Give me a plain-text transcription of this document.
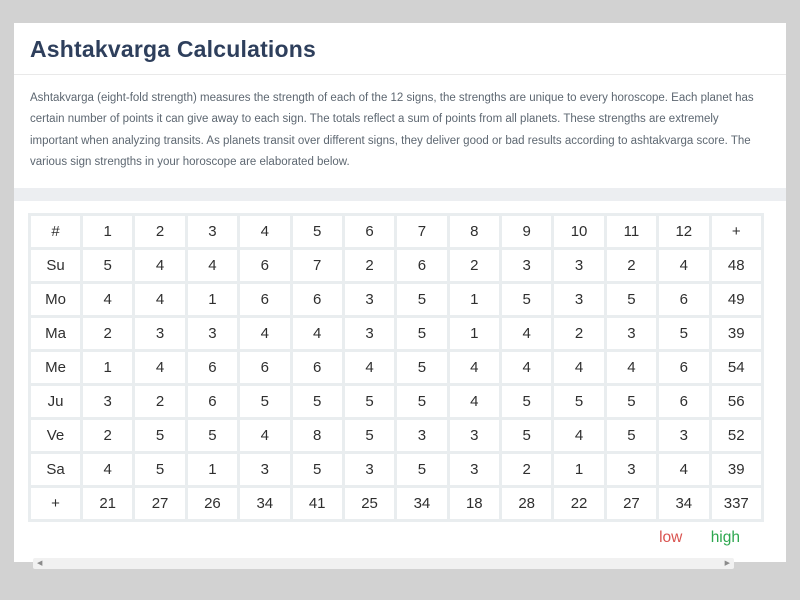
Ashtakvarga Calculations
Ashtakvarga (eight-fold strength) measures the strength of each of the 12 signs, the strengths are unique to every horoscope. Each planet has certain number of points it can give away to each sign. The totals reflect a sum of points from all planets. These strengths are extremely important when analyzing transits. As planets transit over different signs, they deliver good or bad results according to ashtakvarga score. The various sign strengths in your horoscope are elaborated below.
#	1	2	3	4	5	6	7	8	9	10	11	12	+
Su	5	4	4	6	7	2	6	2	3	3	2	4	48
Mo	4	4	1	6	6	3	5	1	5	3	5	6	49
Ma	2	3	3	4	4	3	5	1	4	2	3	5	39
Me	1	4	6	6	6	4	5	4	4	4	4	6	54
Ju	3	2	6	5	5	5	5	4	5	5	5	6	56
Ve	2	5	5	4	8	5	3	3	5	4	5	3	52
Sa	4	5	1	3	5	3	5	3	2	1	3	4	39
+	21	27	26	34	41	25	34	18	28	22	27	34	337
low high
◀	▶
